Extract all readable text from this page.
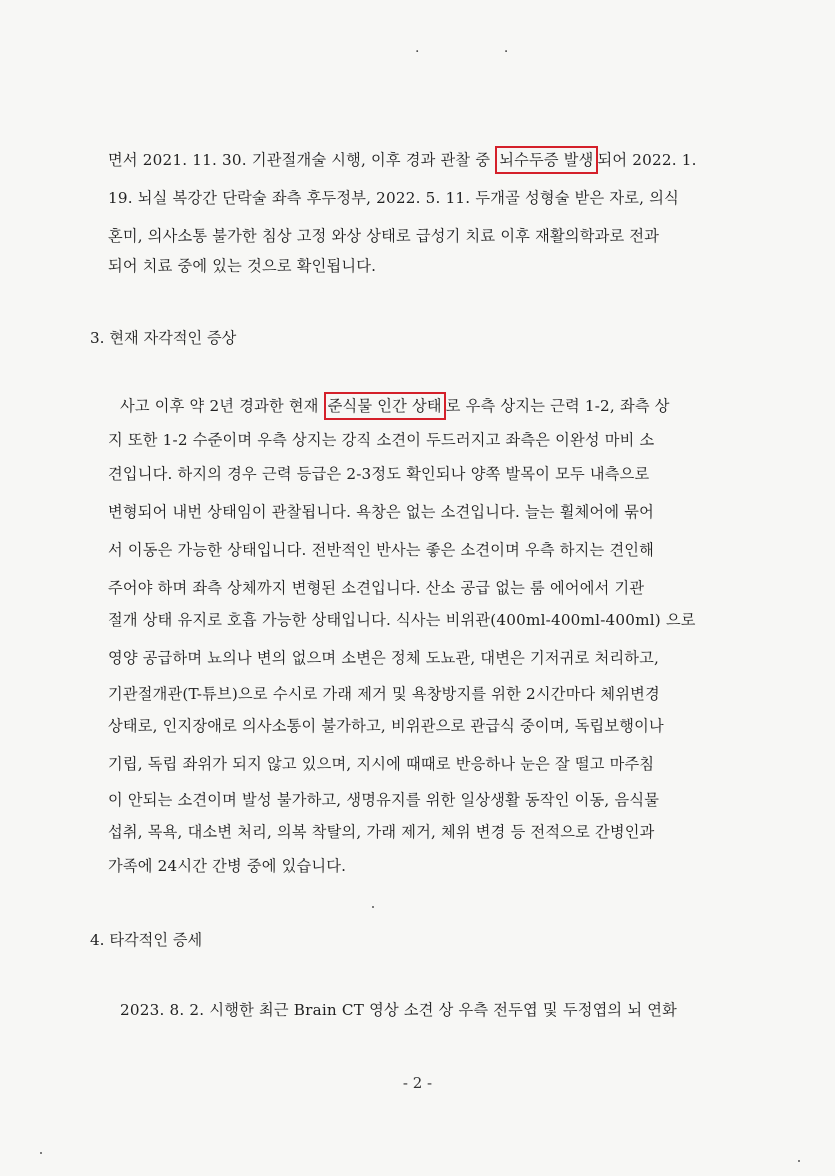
· ·
면서 2021. 11. 30. 기관절개술 시행, 이후 경과 관찰 중 뇌수두증 발생 되어 2022. 1.
19. 뇌실 복강간 단락술 좌측 후두정부, 2022. 5. 11. 두개골 성형술 받은 자로, 의식
혼미, 의사소통 불가한 침상 고정 와상 상태로 급성기 치료 이후 재활의학과로 전과
되어 치료 중에 있는 것으로 확인됩니다.
3. 현재 자각적인 증상
사고 이후 약 2년 경과한 현재 준식물 인간 상태 로 우측 상지는 근력 1-2, 좌측 상
지 또한 1-2 수준이며 우측 상지는 강직 소견이 두드러지고 좌측은 이완성 마비 소
견입니다. 하지의 경우 근력 등급은 2-3정도 확인되나 양쪽 발목이 모두 내측으로
변형되어 내번 상태임이 관찰됩니다. 욕창은 없는 소견입니다. 늘는 휠체어에 묶어
서 이동은 가능한 상태입니다. 전반적인 반사는 좋은 소견이며 우측 하지는 견인해
주어야 하며 좌측 상체까지 변형된 소견입니다. 산소 공급 없는 룸 에어에서 기관
절개 상태 유지로 호흡 가능한 상태입니다. 식사는 비위관(400ml-400ml-400ml) 으로
영양 공급하며 뇨의나 변의 없으며 소변은 정체 도뇨관, 대변은 기저귀로 처리하고,
기관절개관(T-튜브)으로 수시로 가래 제거 및 욕창방지를 위한 2시간마다 체위변경
상태로, 인지장애로 의사소통이 불가하고, 비위관으로 관급식 중이며, 독립보행이나
기립, 독립 좌위가 되지 않고 있으며, 지시에 때때로 반응하나 눈은 잘 떨고 마주침
이 안되는 소견이며 발성 불가하고, 생명유지를 위한 일상생활 동작인 이동, 음식물
섭취, 목욕, 대소변 처리, 의복 착탈의, 가래 제거, 체위 변경 등 전적으로 간병인과
가족에 24시간 간병 중에 있습니다.
4. 타각적인 증세
2023. 8. 2. 시행한 최근 Brain CT 영상 소견 상 우측 전두엽 및 두정엽의 뇌 연화
- 2 -
